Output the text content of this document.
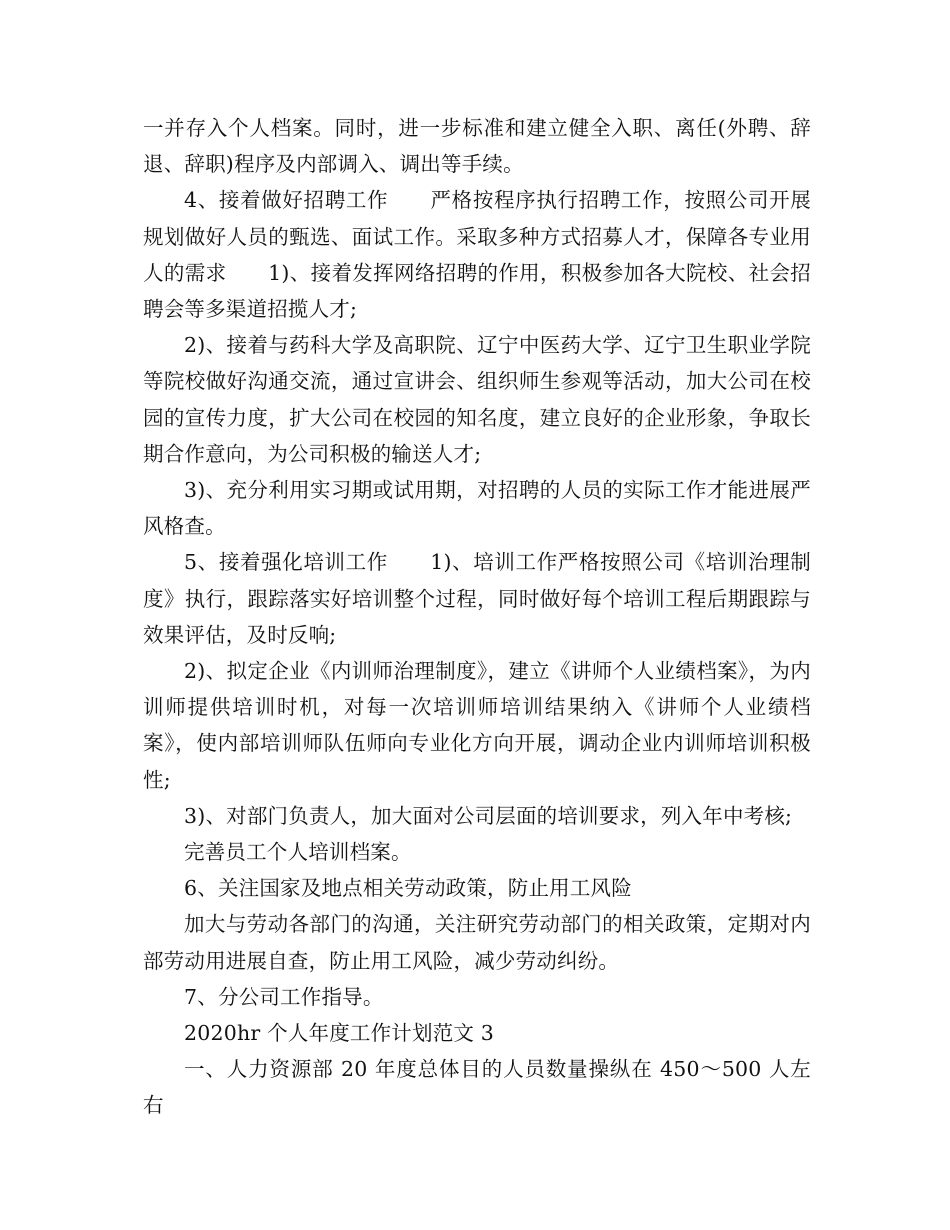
一并存入个人档案。同时，进一步标准和建立健全入职、离任(外聘、辞退、辞职)程序及内部调入、调出等手续。

4、接着做好招聘工作　　严格按程序执行招聘工作，按照公司开展规划做好人员的甄选、面试工作。采取多种方式招募人才，保障各专业用人的需求　　1)、接着发挥网络招聘的作用，积极参加各大院校、社会招聘会等多渠道招揽人才;

2)、接着与药科大学及高职院、辽宁中医药大学、辽宁卫生职业学院等院校做好沟通交流，通过宣讲会、组织师生参观等活动，加大公司在校园的宣传力度，扩大公司在校园的知名度，建立良好的企业形象，争取长期合作意向，为公司积极的输送人才;

3)、充分利用实习期或试用期，对招聘的人员的实际工作才能进展严风格查。

5、接着强化培训工作　　1)、培训工作严格按照公司《培训治理制度》执行，跟踪落实好培训整个过程，同时做好每个培训工程后期跟踪与效果评估，及时反响;

2)、拟定企业《内训师治理制度》，建立《讲师个人业绩档案》，为内训师提供培训时机，对每一次培训师培训结果纳入《讲师个人业绩档案》，使内部培训师队伍师向专业化方向开展，调动企业内训师培训积极性;

3)、对部门负责人，加大面对公司层面的培训要求，列入年中考核;

完善员工个人培训档案。

6、关注国家及地点相关劳动政策，防止用工风险

加大与劳动各部门的沟通，关注研究劳动部门的相关政策，定期对内部劳动用进展自查，防止用工风险，减少劳动纠纷。

7、分公司工作指导。

2020hr 个人年度工作计划范文 3

一、人力资源部 20 年度总体目的人员数量操纵在 450～500 人左右
